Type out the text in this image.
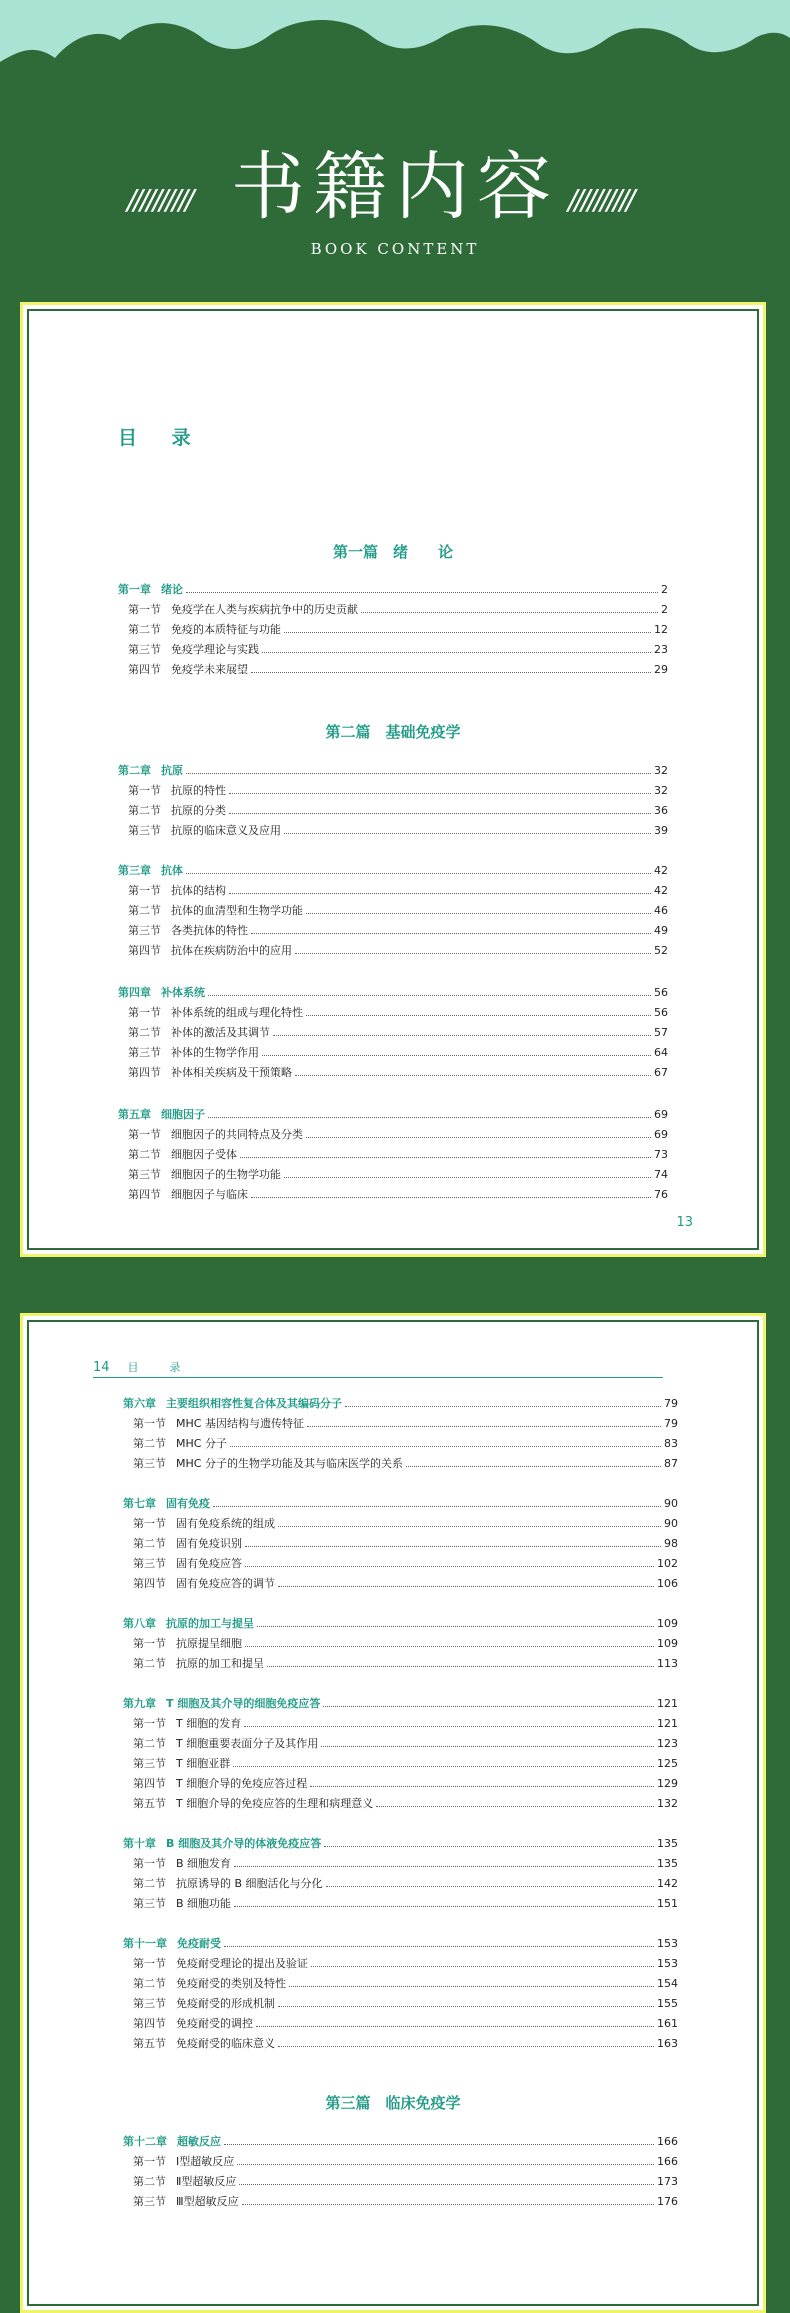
////////// 书籍内容 //////////
BOOK CONTENT
目 录
第一篇　绪　　论
第一章 绪论	2
第一节 免疫学在人类与疾病抗争中的历史贡献	2
第二节 免疫的本质特征与功能	12
第三节 免疫学理论与实践	23
第四节 免疫学未来展望	29
第二篇　基础免疫学
第二章 抗原	32
第一节 抗原的特性	32
第二节 抗原的分类	36
第三节 抗原的临床意义及应用	39
第三章 抗体	42
第一节 抗体的结构	42
第二节 抗体的血清型和生物学功能	46
第三节 各类抗体的特性	49
第四节 抗体在疾病防治中的应用	52
第四章 补体系统	56
第一节 补体系统的组成与理化特性	56
第二节 补体的激活及其调节	57
第三节 补体的生物学作用	64
第四节 补体相关疾病及干预策略	67
第五章 细胞因子	69
第一节 细胞因子的共同特点及分类	69
第二节 细胞因子受体	73
第三节 细胞因子的生物学功能	74
第四节 细胞因子与临床	76
13
14 目　录
第六章 主要组织相容性复合体及其编码分子	79
第一节 MHC 基因结构与遗传特征	79
第二节 MHC 分子	83
第三节 MHC 分子的生物学功能及其与临床医学的关系	87
第七章 固有免疫	90
第一节 固有免疫系统的组成	90
第二节 固有免疫识别	98
第三节 固有免疫应答	102
第四节 固有免疫应答的调节	106
第八章 抗原的加工与提呈	109
第一节 抗原提呈细胞	109
第二节 抗原的加工和提呈	113
第九章 T 细胞及其介导的细胞免疫应答	121
第一节 T 细胞的发育	121
第二节 T 细胞重要表面分子及其作用	123
第三节 T 细胞亚群	125
第四节 T 细胞介导的免疫应答过程	129
第五节 T 细胞介导的免疫应答的生理和病理意义	132
第十章 B 细胞及其介导的体液免疫应答	135
第一节 B 细胞发育	135
第二节 抗原诱导的 B 细胞活化与分化	142
第三节 B 细胞功能	151
第十一章 免疫耐受	153
第一节 免疫耐受理论的提出及验证	153
第二节 免疫耐受的类别及特性	154
第三节 免疫耐受的形成机制	155
第四节 免疫耐受的调控	161
第五节 免疫耐受的临床意义	163
第三篇　临床免疫学
第十二章 超敏反应	166
第一节 Ⅰ型超敏反应	166
第二节 Ⅱ型超敏反应	173
第三节 Ⅲ型超敏反应	176
